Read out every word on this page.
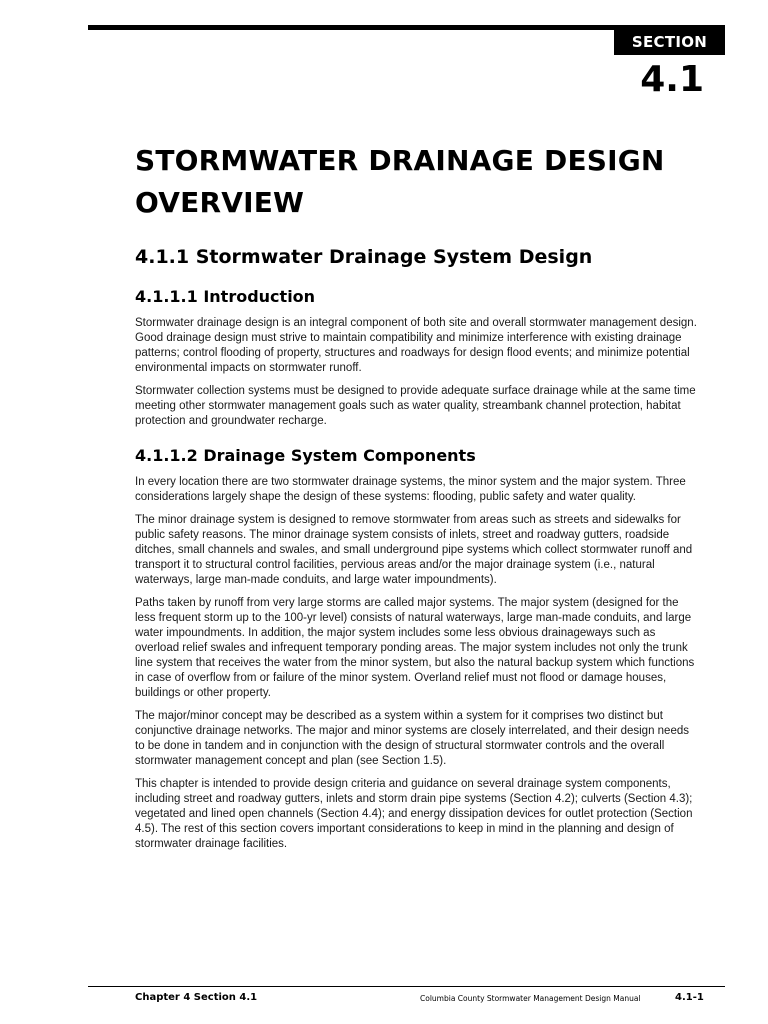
SECTION
4.1
STORMWATER DRAINAGE DESIGN OVERVIEW
4.1.1 Stormwater Drainage System Design
4.1.1.1 Introduction

Stormwater drainage design is an integral component of both site and overall stormwater management design. Good drainage design must strive to maintain compatibility and minimize interference with existing drainage patterns; control flooding of property, structures and roadways for design flood events; and minimize potential environmental impacts on stormwater runoff.

Stormwater collection systems must be designed to provide adequate surface drainage while at the same time meeting other stormwater management goals such as water quality, streambank channel protection, habitat protection and groundwater recharge.

4.1.1.2 Drainage System Components

In every location there are two stormwater drainage systems, the minor system and the major system. Three considerations largely shape the design of these systems: flooding, public safety and water quality.

The minor drainage system is designed to remove stormwater from areas such as streets and sidewalks for public safety reasons. The minor drainage system consists of inlets, street and roadway gutters, roadside ditches, small channels and swales, and small underground pipe systems which collect stormwater runoff and transport it to structural control facilities, pervious areas and/or the major drainage system (i.e., natural waterways, large man-made conduits, and large water impoundments).

Paths taken by runoff from very large storms are called major systems. The major system (designed for the less frequent storm up to the 100-yr level) consists of natural waterways, large man-made conduits, and large water impoundments. In addition, the major system includes some less obvious drainageways such as overload relief swales and infrequent temporary ponding areas. The major system includes not only the trunk line system that receives the water from the minor system, but also the natural backup system which functions in case of overflow from or failure of the minor system. Overland relief must not flood or damage houses, buildings or other property.

The major/minor concept may be described as a system within a system for it comprises two distinct but conjunctive drainage networks. The major and minor systems are closely interrelated, and their design needs to be done in tandem and in conjunction with the design of structural stormwater controls and the overall stormwater management concept and plan (see Section 1.5).

This chapter is intended to provide design criteria and guidance on several drainage system components, including street and roadway gutters, inlets and storm drain pipe systems (Section 4.2); culverts (Section 4.3); vegetated and lined open channels (Section 4.4); and energy dissipation devices for outlet protection (Section 4.5). The rest of this section covers important considerations to keep in mind in the planning and design of stormwater drainage facilities.

Chapter 4 Section 4.1	Columbia County Stormwater Management Design Manual	4.1-1
